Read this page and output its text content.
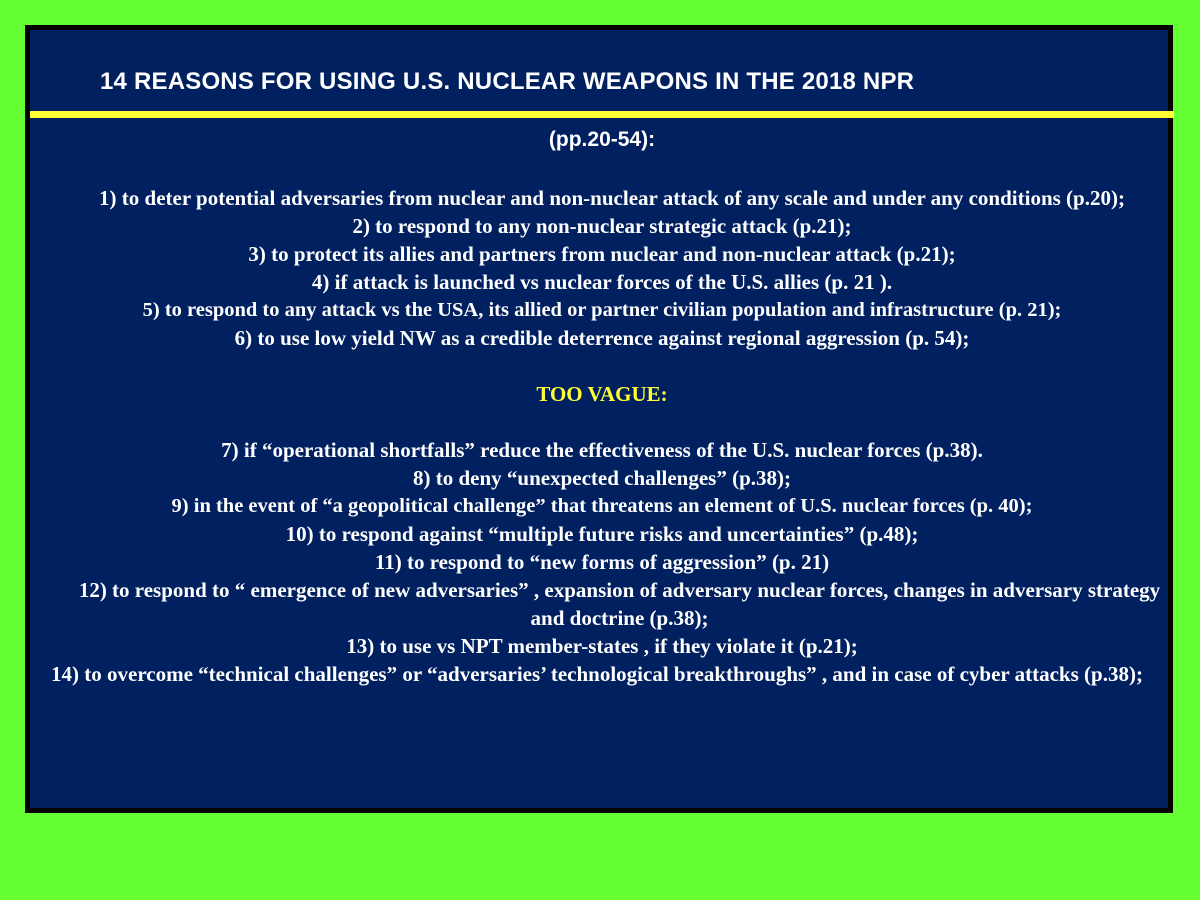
14 REASONS FOR USING U.S. NUCLEAR WEAPONS IN THE 2018 NPR
(pp.20-54):
1) to deter potential adversaries from nuclear and non-nuclear attack of any scale and under any conditions (p.20);
2) to respond to any non-nuclear strategic attack (p.21);
3) to protect its allies and partners from nuclear and non-nuclear attack (p.21);
4) if attack is launched vs nuclear forces of the U.S. allies (p. 21 ).
5) to respond to any attack vs the USA, its allied or partner civilian population and infrastructure (p. 21);
6) to use low yield NW as a credible deterrence against regional aggression (p. 54);
TOO VAGUE:
7) if “operational shortfalls” reduce the effectiveness of the U.S. nuclear forces (p.38).
8) to deny “unexpected challenges” (p.38);
9) in the event of “a geopolitical challenge” that threatens an element of U.S. nuclear forces (p. 40);
10) to respond against “multiple future risks and uncertainties” (p.48);
11) to respond to “new forms of aggression” (p. 21)
12) to respond to “ emergence of new adversaries” , expansion of adversary nuclear forces, changes in adversary strategy and doctrine (p.38);
13) to use vs NPT member-states , if they violate it (p.21);
14) to overcome “technical challenges” or “adversaries’ technological breakthroughs” , and in case of cyber attacks (p.38);
